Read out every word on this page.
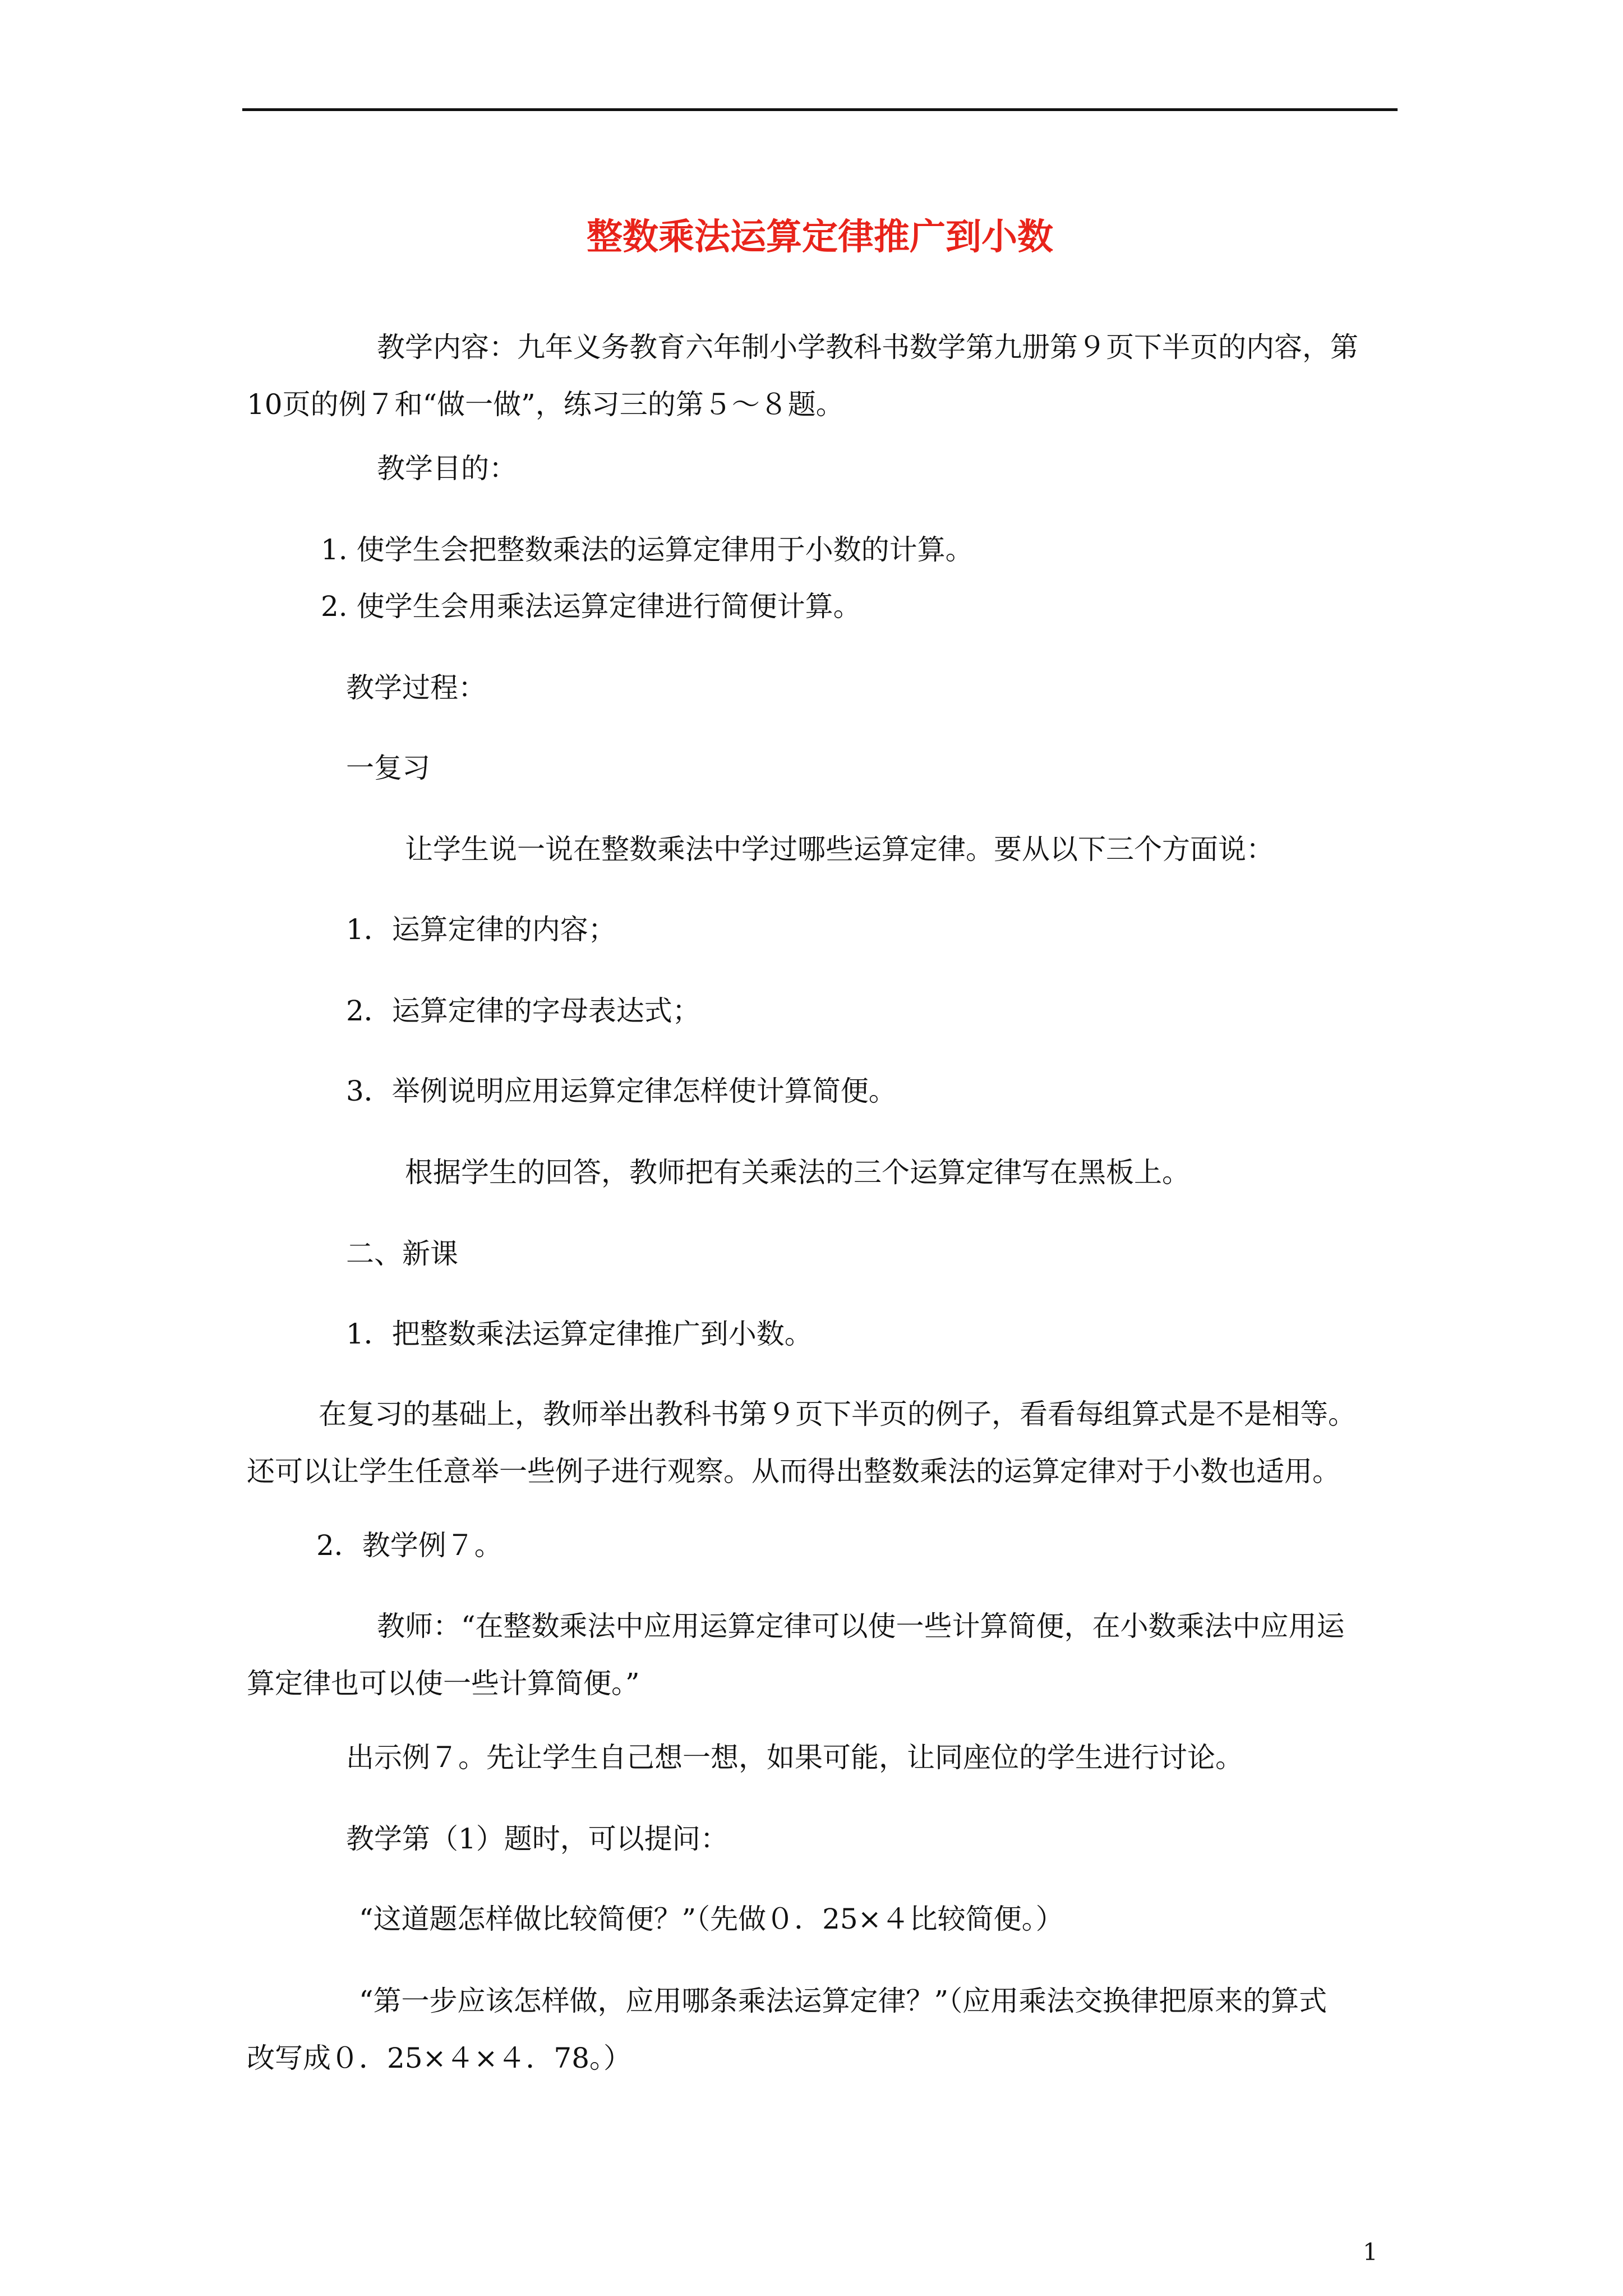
整数乘法运算定律推广到小数
教学内容：九年义务教育六年制小学教科书数学第九册第９页下半页的内容，第
10页的例７和“做一做”，练习三的第５～８题。

教学目的：

1. 使学生会把整数乘法的运算定律用于小数的计算。

2. 使学生会用乘法运算定律进行简便计算。

教学过程：

一复习

让学生说一说在整数乘法中学过哪些运算定律。要从以下三个方面说：

1．运算定律的内容；

2．运算定律的字母表达式；

3．举例说明应用运算定律怎样使计算简便。

根据学生的回答，教师把有关乘法的三个运算定律写在黑板上。

二、新课

1．把整数乘法运算定律推广到小数。

在复习的基础上，教师举出教科书第９页下半页的例子，看看每组算式是不是相等。
还可以让学生任意举一些例子进行观察。从而得出整数乘法的运算定律对于小数也适用。

2．教学例７。

教师：“在整数乘法中应用运算定律可以使一些计算简便，在小数乘法中应用运
算定律也可以使一些计算简便。”

出示例７。先让学生自己想一想，如果可能，让同座位的学生进行讨论。

教学第（1）题时，可以提问：

“这道题怎样做比较简便？”（先做０．25×４比较简便。）

“第一步应该怎样做，应用哪条乘法运算定律？”（应用乘法交换律把原来的算式
改写成０．25×４×４．78。）
1
